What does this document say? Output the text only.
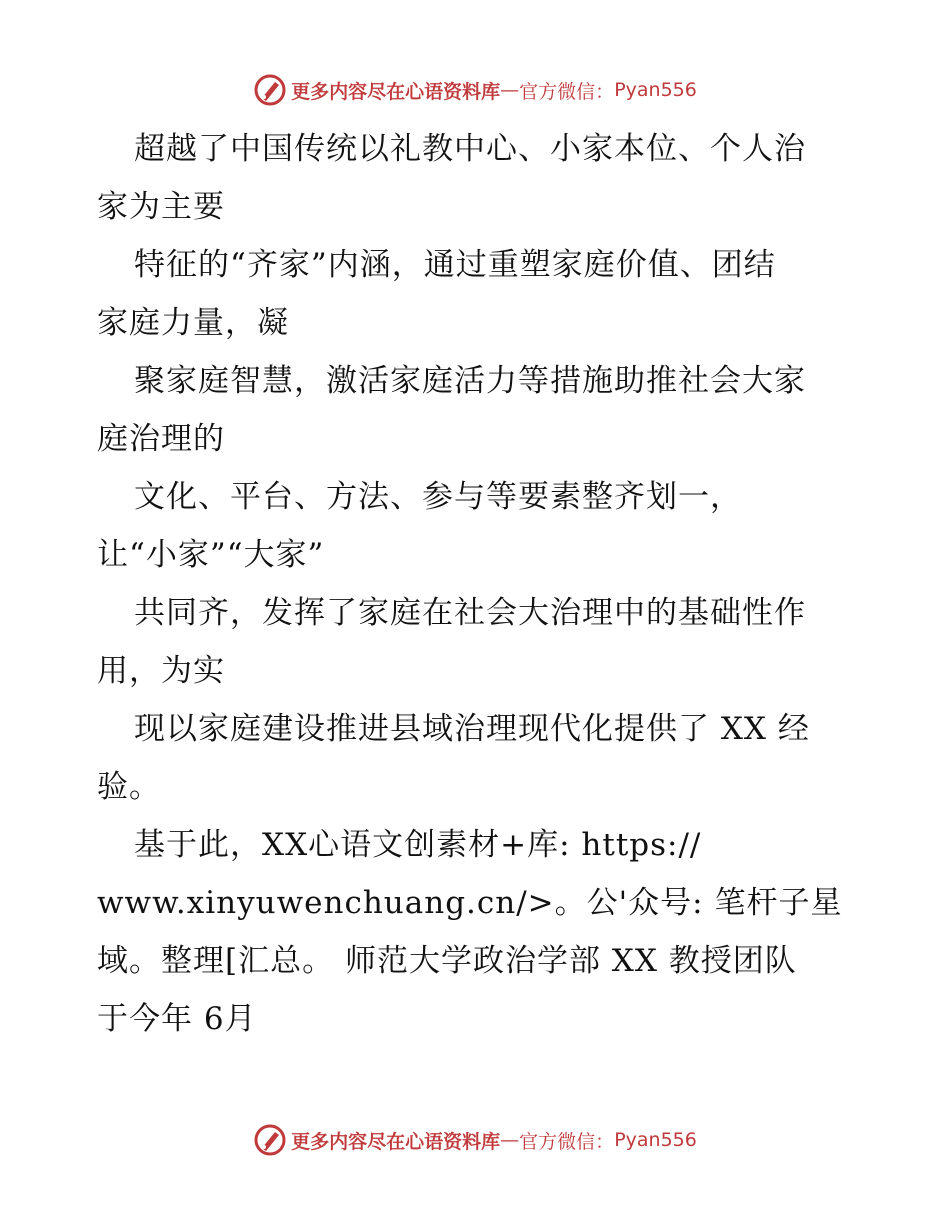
更多内容尽在心语资料库 — 官方微信： Pyan556
超越了中国传统以礼教中心、小家本位、个人治
家为主要
特征的“齐家”内涵，通过重塑家庭价值、团结
家庭力量，凝
聚家庭智慧，激活家庭活力等措施助推社会大家
庭治理的
文化、平台、方法、参与等要素整齐划一，
让“小家”“大家”
共同齐，发挥了家庭在社会大治理中的基础性作
用，为实
现以家庭建设推进县域治理现代化提供了 XX 经
验。
基于此，XX心语文创素材+库: https://
www.xinyuwenchuang.cn/>。公'众号: 笔杆子星
域。整理[汇总。 师范大学政治学部 XX 教授团队
于今年 6月
更多内容尽在心语资料库 — 官方微信： Pyan556
